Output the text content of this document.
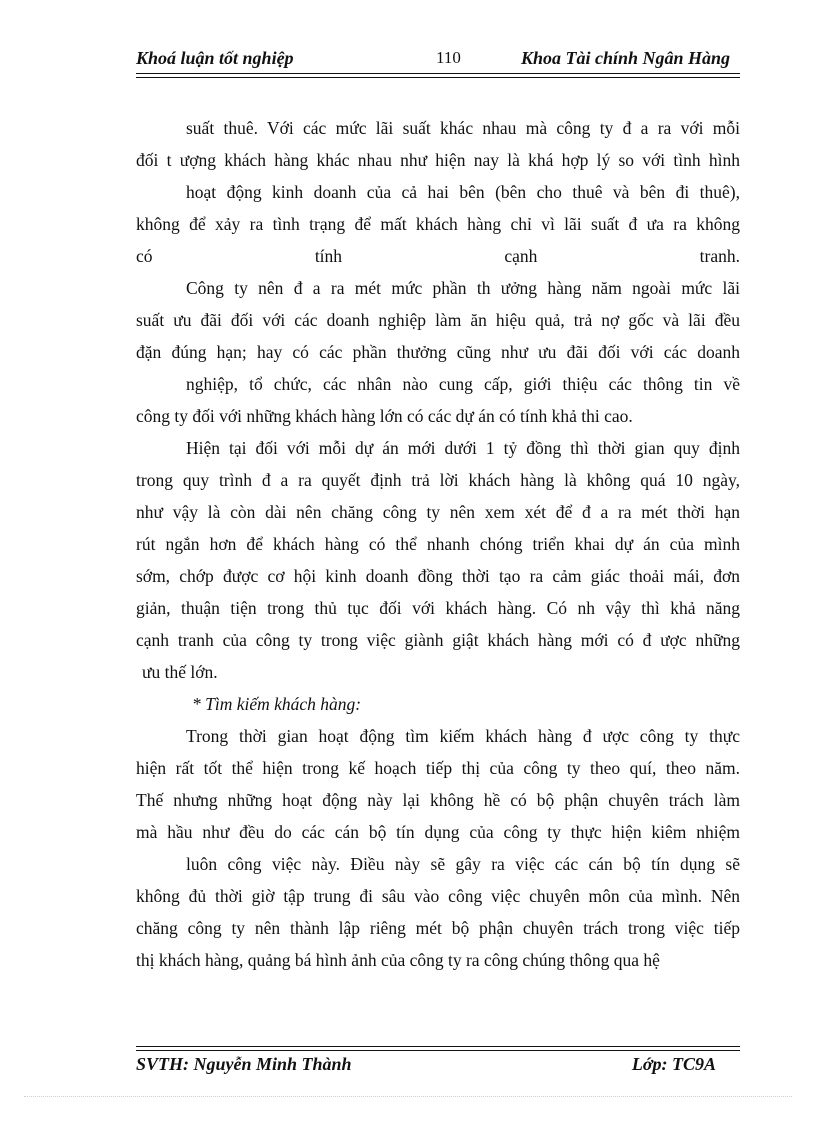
Khoá luận tốt nghiệp	110	Khoa Tài chính Ngân Hàng
suất thuê. Với các mức lãi suất khác nhau mà công ty đ a ra với mỗi
đối t ượng khách hàng khác nhau như hiện nay là khá hợp lý so với tình hình
hoạt động kinh doanh của cả hai bên (bên cho thuê và bên đi thuê),
không để xảy ra tình trạng để mất khách hàng chỉ vì lãi suất đ ưa ra không
có tính cạnh tranh.
Công ty nên đ a ra mét mức phần th ưởng hàng năm ngoài mức lãi
suất ưu đãi đối với các doanh nghiệp làm ăn hiệu quả, trả nợ gốc và lãi đều
đặn đúng hạn; hay có các phần thưởng cũng như ưu đãi đối với các doanh
nghiệp, tổ chức, các nhân nào cung cấp, giới thiệu các thông tin về
công ty đối với những khách hàng lớn có các dự án có tính khả thi cao.
Hiện tại đối với mỗi dự án mới dưới 1 tỷ đồng thì thời gian quy định
trong quy trình đ a ra quyết định trả lời khách hàng là không quá 10 ngày,
như vậy là còn dài nên chăng công ty nên xem xét để đ a ra mét thời hạn
rút ngắn hơn để khách hàng có thể nhanh chóng triển khai dự án của mình
sớm, chớp được cơ hội kinh doanh đồng thời tạo ra cảm giác thoải mái, đơn
giản, thuận tiện trong thủ tục đối với khách hàng. Có nh vậy thì khả năng
cạnh tranh của công ty trong việc giành giật khách hàng mới có đ ược những
ưu thế lớn.
* Tìm kiếm khách hàng:
Trong thời gian hoạt động tìm kiếm khách hàng đ ược công ty thực
hiện rất tốt thể hiện trong kế hoạch tiếp thị của công ty theo quí, theo năm.
Thế nhưng những hoạt động này lại không hề có bộ phận chuyên trách làm
mà hầu như đều do các cán bộ tín dụng của công ty thực hiện kiêm nhiệm
luôn công việc này. Điều này sẽ gây ra việc các cán bộ tín dụng sẽ
không đủ thời giờ tập trung đi sâu vào công việc chuyên môn của mình. Nên
chăng công ty nên thành lập riêng mét bộ phận chuyên trách trong việc tiếp
thị khách hàng, quảng bá hình ảnh của công ty ra công chúng thông qua hệ
SVTH: Nguyễn Minh Thành	Lớp: TC9A
